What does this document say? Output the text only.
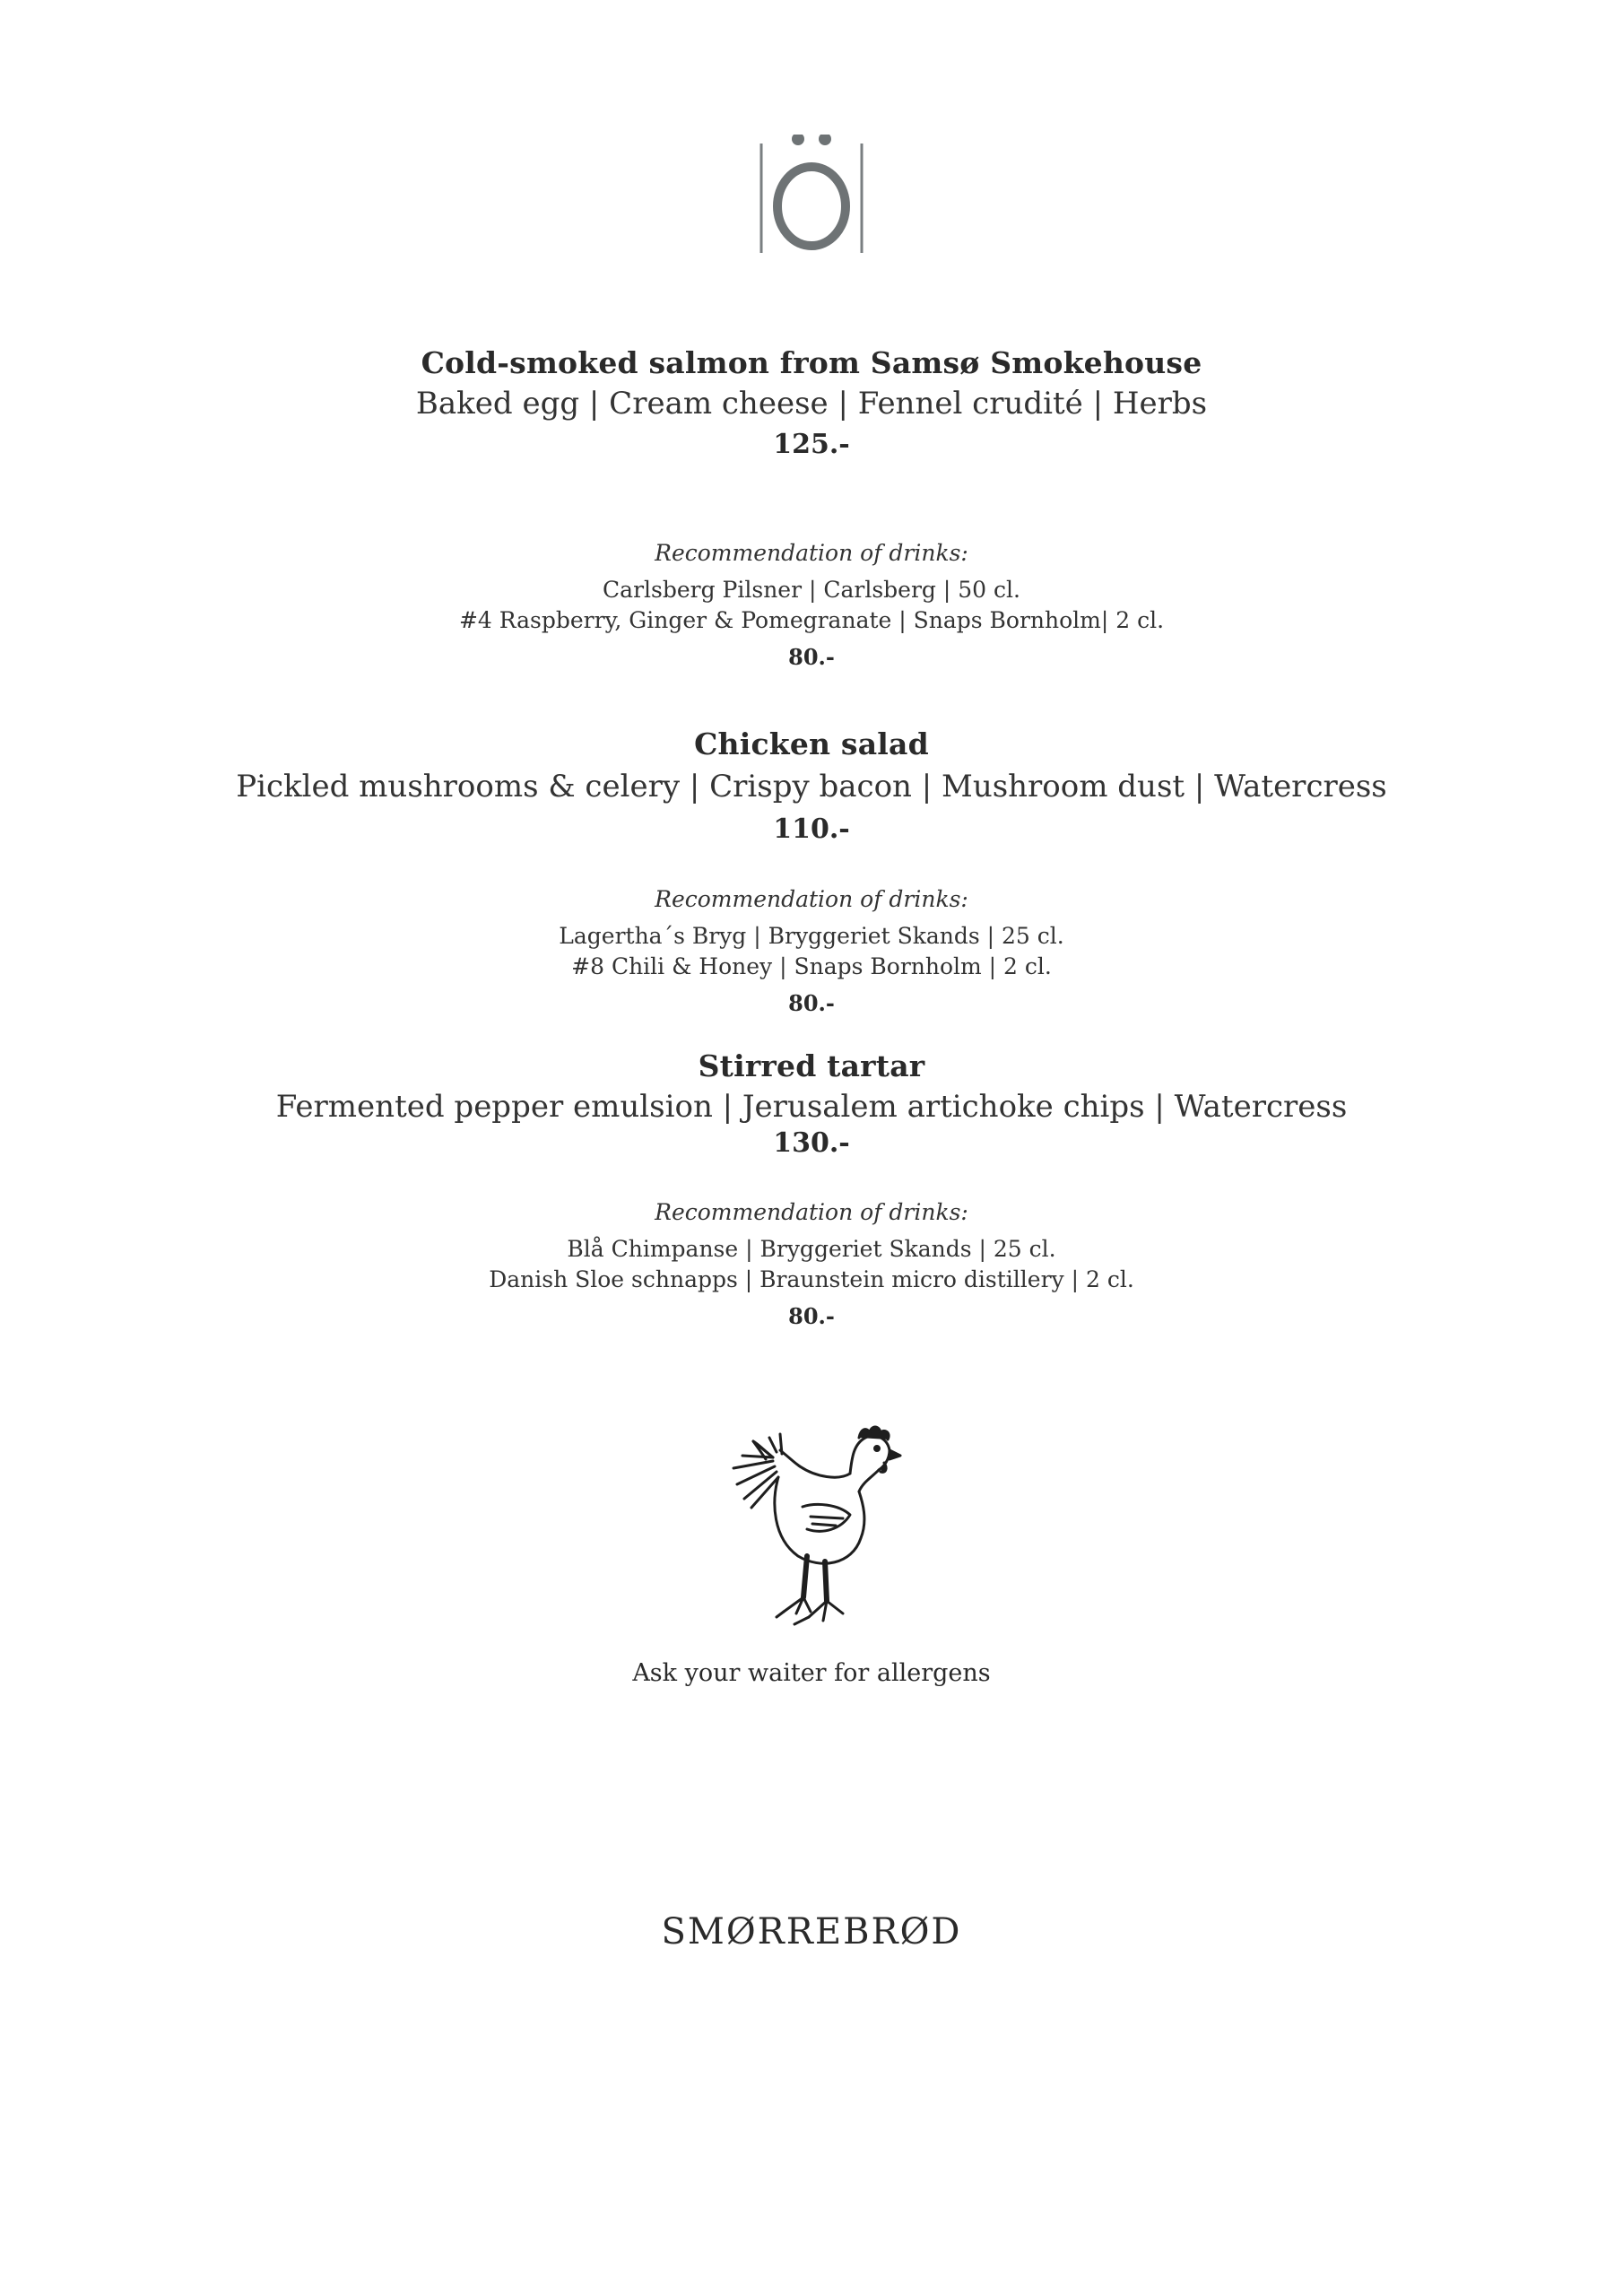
Cold-smoked salmon from Samsø Smokehouse
Baked egg | Cream cheese | Fennel crudité | Herbs
125.-
Recommendation of drinks:
Carlsberg Pilsner | Carlsberg | 50 cl.
#4 Raspberry, Ginger & Pomegranate | Snaps Bornholm| 2 cl.
80.-
Chicken salad
Pickled mushrooms & celery | Crispy bacon | Mushroom dust | Watercress
110.-
Recommendation of drinks:
Lagertha´s Bryg | Bryggeriet Skands | 25 cl.
#8 Chili & Honey | Snaps Bornholm | 2 cl.
80.-
Stirred tartar
Fermented pepper emulsion | Jerusalem artichoke chips | Watercress
130.-
Recommendation of drinks:
Blå Chimpanse | Bryggeriet Skands | 25 cl.
Danish Sloe schnapps | Braunstein micro distillery | 2 cl.
80.-
Ask your waiter for allergens
SMØRREBRØD
